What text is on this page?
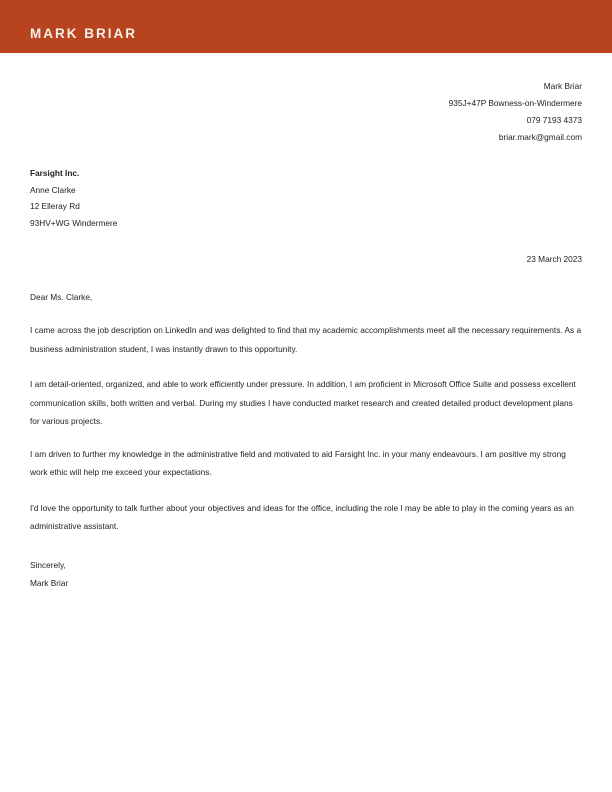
MARK BRIAR
Mark Briar
935J+47P Bowness-on-Windermere
079 7193 4373
briar.mark@gmail.com
Farsight Inc.
Anne Clarke
12 Elleray Rd
93HV+WG Windermere
23 March 2023
Dear Ms. Clarke,
I came across the job description on LinkedIn and was delighted to find that my academic accomplishments meet all the necessary requirements. As a business administration student, I was instantly drawn to this opportunity.
I am detail-oriented, organized, and able to work efficiently under pressure. In addition, I am proficient in Microsoft Office Suite and possess excellent communication skills, both written and verbal. During my studies I have conducted market research and created detailed product development plans for various projects.
I am driven to further my knowledge in the administrative field and motivated to aid Farsight Inc. in your many endeavours. I am positive my strong work ethic will help me exceed your expectations.
I'd love the opportunity to talk further about your objectives and ideas for the office, including the role I may be able to play in the coming years as an administrative assistant.
Sincerely,
Mark Briar
